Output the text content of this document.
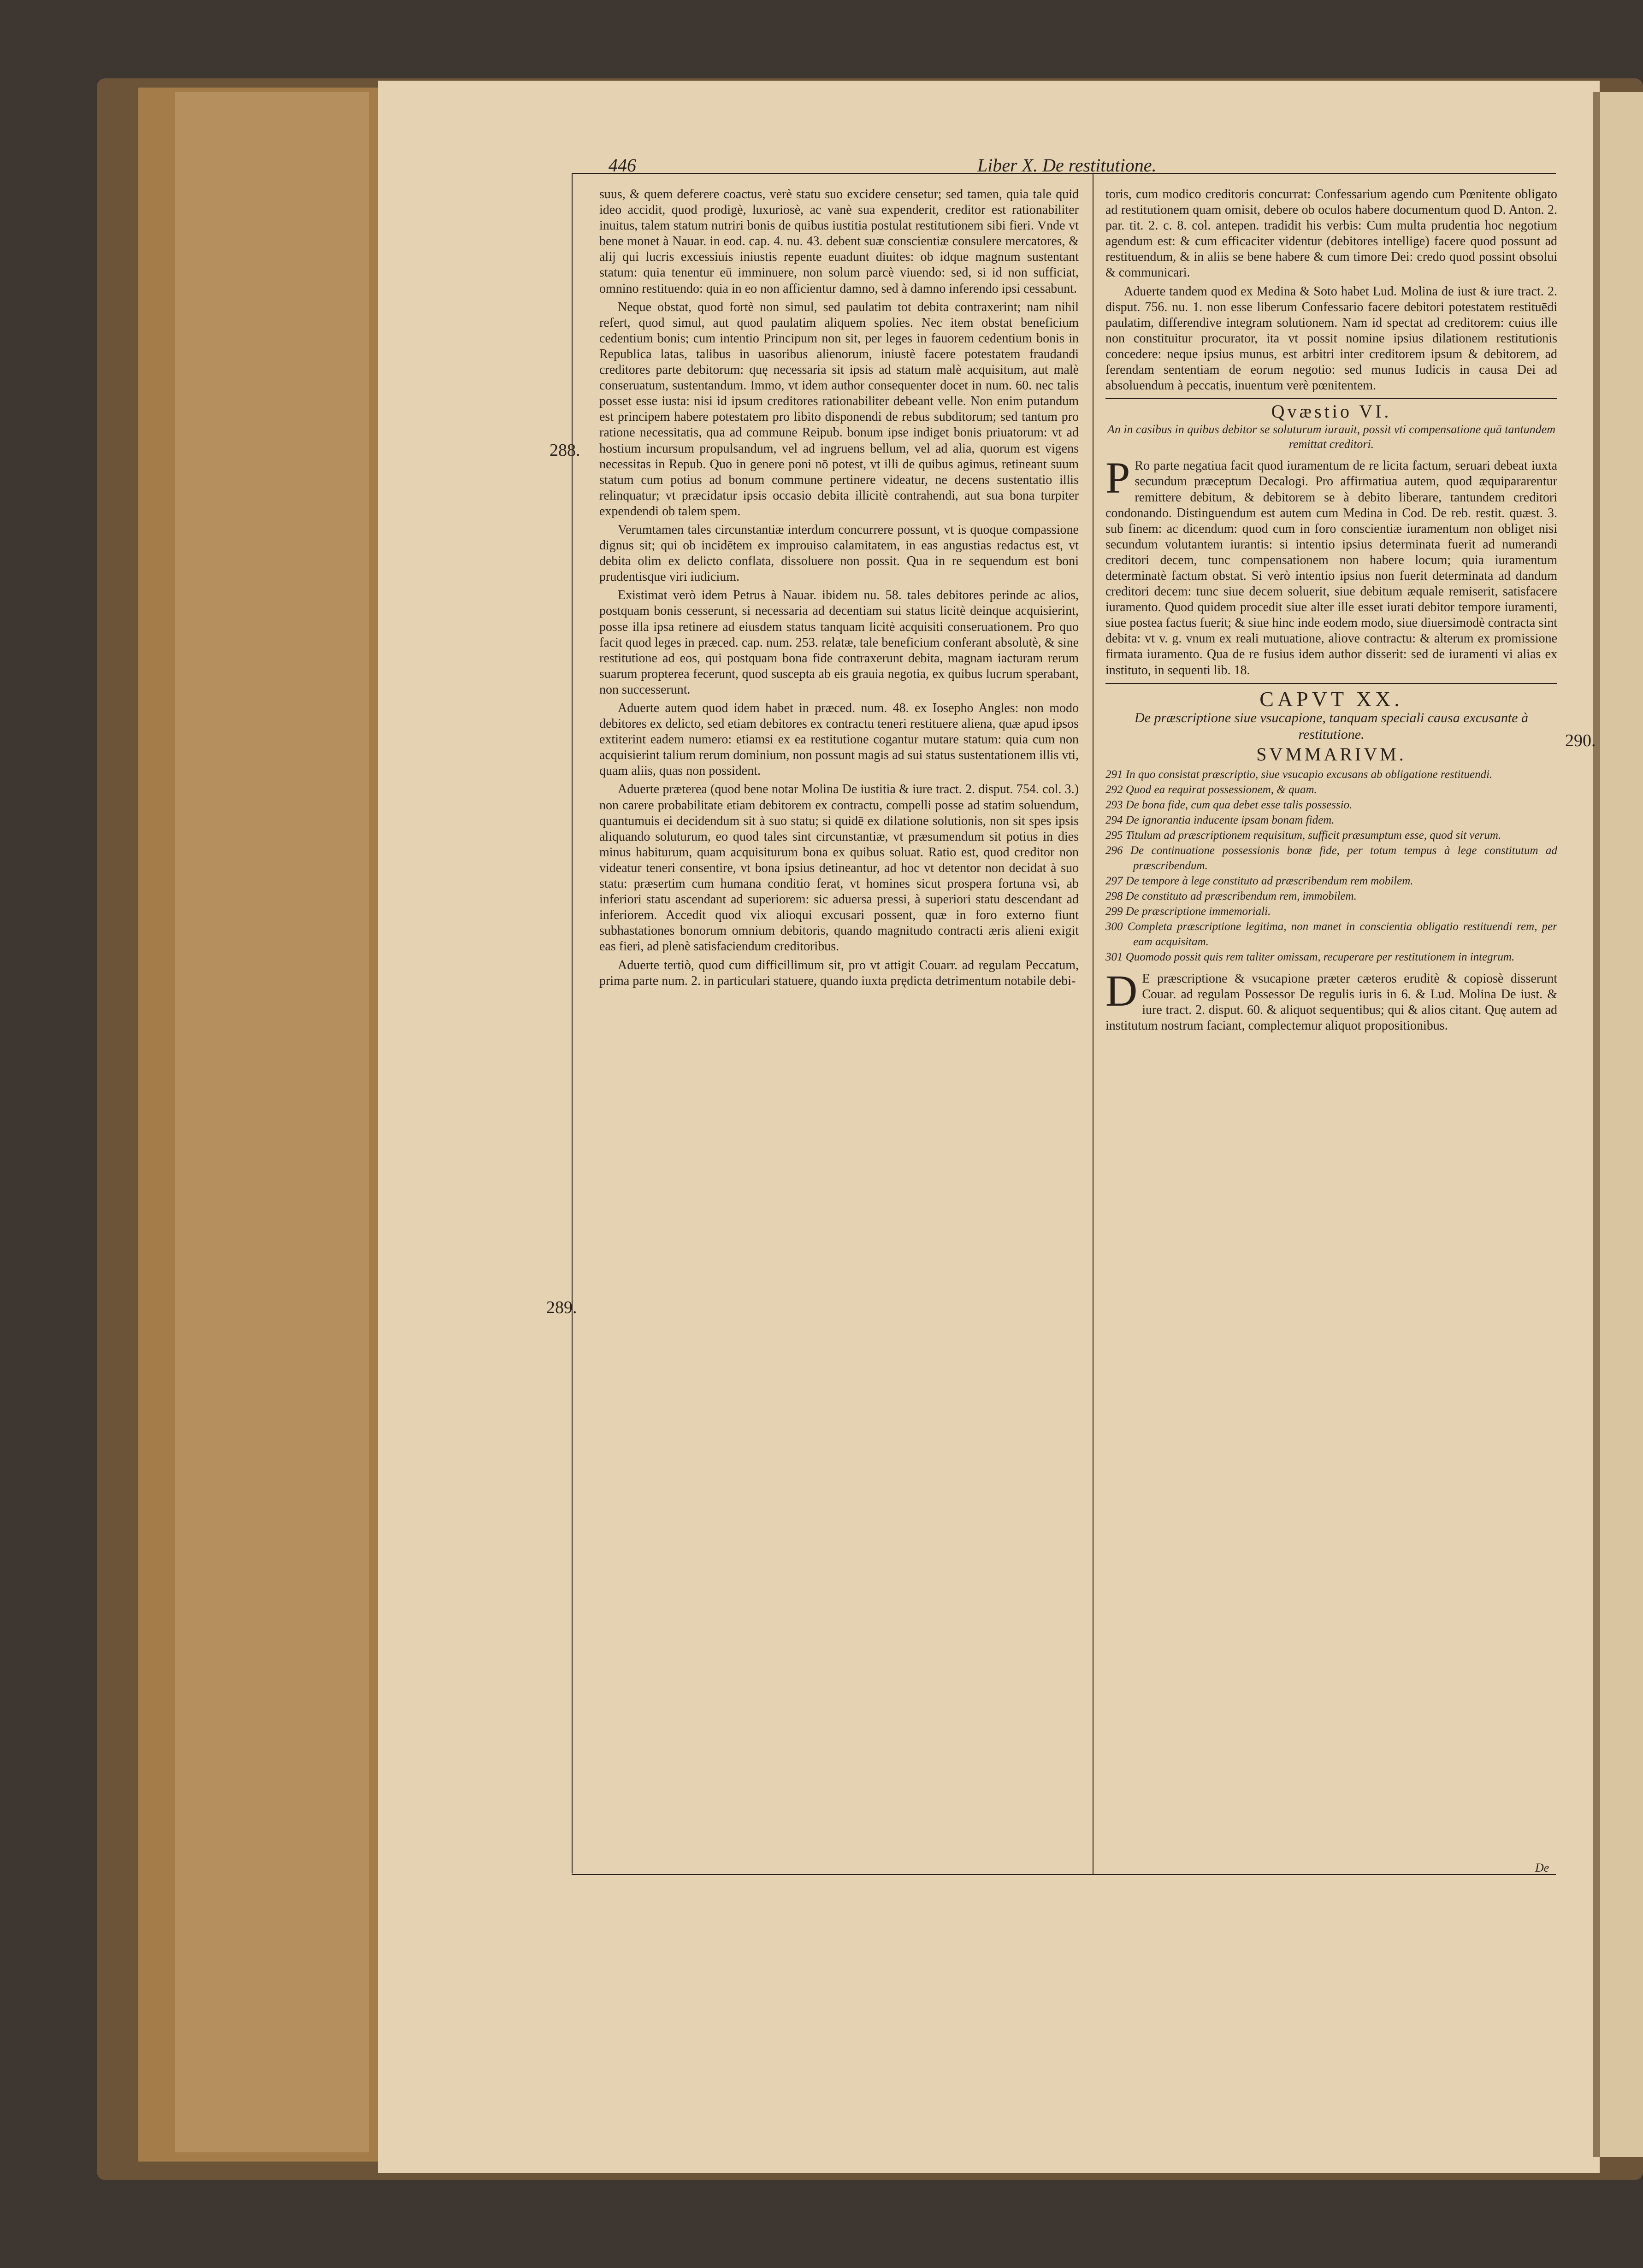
446	Liber X. De restitutione.
288.
289.
290.

suus, & quem deferere coactus, verè statu suo excidere censetur; sed tamen, quia tale quid ideo accidit, quod prodigè, luxuriosè, ac vanè sua expenderit, creditor est rationabiliter inuitus, talem statum nutriri bonis de quibus iustitia postulat restitutionem sibi fieri. Vnde vt bene monet à Nauar. in eod. cap. 4. nu. 43. debent suæ conscientiæ consulere mercatores, & alij qui lucris excessiuis iniustis repente euadunt diuites: ob idque magnum sustentant statum: quia tenentur eū imminuere, non solum parcè viuendo: sed, si id non sufficiat, omnino restituendo: quia in eo non afficientur damno, sed à damno inferendo ipsi cessabunt.

Neque obstat, quod fortè non simul, sed paulatim tot debita contraxerint; nam nihil refert, quod simul, aut quod paulatim aliquem spolies. Nec item obstat beneficium cedentium bonis; cum intentio Principum non sit, per leges in fauorem cedentium bonis in Republica latas, talibus in uasoribus alienorum, iniustè facere potestatem fraudandi creditores parte debitorum: quę necessaria sit ipsis ad statum malè acquisitum, aut malè conseruatum, sustentandum. Immo, vt idem author consequenter docet in num. 60. nec talis posset esse iusta: nisi id ipsum creditores rationabiliter debeant velle. Non enim putandum est principem habere potestatem pro libito disponendi de rebus subditorum; sed tantum pro ratione necessitatis, qua ad commune Reipub. bonum ipse indiget bonis priuatorum: vt ad hostium incursum propulsandum, vel ad ingruens bellum, vel ad alia, quorum est vigens necessitas in Repub. Quo in genere poni nō potest, vt illi de quibus agimus, retineant suum statum cum potius ad bonum commune pertinere videatur, ne decens sustentatio illis relinquatur; vt præcidatur ipsis occasio debita illicitè contrahendi, aut sua bona turpiter expendendi ob talem spem.

Verumtamen tales circunstantiæ interdum concurrere possunt, vt is quoque compassione dignus sit; qui ob incidētem ex improuiso calamitatem, in eas angustias redactus est, vt debita olim ex delicto conflata, dissoluere non possit. Qua in re sequendum est boni prudentisque viri iudicium.

Existimat verò idem Petrus à Nauar. ibidem nu. 58. tales debitores perinde ac alios, postquam bonis cesserunt, si necessaria ad decentiam sui status licitè deinque acquisierint, posse illa ipsa retinere ad eiusdem status tanquam licitè acquisiti conseruationem. Pro quo facit quod leges in præced. cap. num. 253. relatæ, tale beneficium conferant absolutè, & sine restitutione ad eos, qui postquam bona fide contraxerunt debita, magnam iacturam rerum suarum propterea fecerunt, quod suscepta ab eis grauia negotia, ex quibus lucrum sperabant, non successerunt.

Aduerte autem quod idem habet in præced. num. 48. ex Iosepho Angles: non modo debitores ex delicto, sed etiam debitores ex contractu teneri restituere aliena, quæ apud ipsos extiterint eadem numero: etiamsi ex ea restitutione cogantur mutare statum: quia cum non acquisierint talium rerum dominium, non possunt magis ad sui status sustentationem illis vti, quam aliis, quas non possident.

Aduerte præterea (quod bene notar Molina De iustitia & iure tract. 2. disput. 754. col. 3.) non carere probabilitate etiam debitorem ex contractu, compelli posse ad statim soluendum, quantumuis ei decidendum sit à suo statu; si quidē ex dilatione solutionis, non sit spes ipsis aliquando soluturum, eo quod tales sint circunstantiæ, vt præsumendum sit potius in dies minus habiturum, quam acquisiturum bona ex quibus soluat. Ratio est, quod creditor non videatur teneri consentire, vt bona ipsius detineantur, ad hoc vt detentor non decidat à suo statu: præsertim cum humana conditio ferat, vt homines sicut prospera fortuna vsi, ab inferiori statu ascendant ad superiorem: sic aduersa pressi, à superiori statu descendant ad inferiorem. Accedit quod vix alioqui excusari possent, quæ in foro externo fiunt subhastationes bonorum omnium debitoris, quando magnitudo contracti æris alieni exigit eas fieri, ad plenè satisfaciendum creditoribus.

Aduerte tertiò, quod cum difficillimum sit, pro vt attigit Couarr. ad regulam Peccatum, prima parte num. 2. in particulari statuere, quando iuxta prędicta detrimentum notabile debi-

toris, cum modico creditoris concurrat: Confessarium agendo cum Pœnitente obligato ad restitutionem quam omisit, debere ob oculos habere documentum quod D. Anton. 2. par. tit. 2. c. 8. col. antepen. tradidit his verbis: Cum multa prudentia hoc negotium agendum est: & cum efficaciter videntur (debitores intellige) facere quod possunt ad restituendum, & in aliis se bene habere & cum timore Dei: credo quod possint obsolui & communicari.

Aduerte tandem quod ex Medina & Soto habet Lud. Molina de iust & iure tract. 2. disput. 756. nu. 1. non esse liberum Confessario facere debitori potestatem restituēdi paulatim, differendive integram solutionem. Nam id spectat ad creditorem: cuius ille non constituitur procurator, ita vt possit nomine ipsius dilationem restitutionis concedere: neque ipsius munus, est arbitri inter creditorem ipsum & debitorem, ad ferendam sententiam de eorum negotio: sed munus Iudicis in causa Dei ad absoluendum à peccatis, inuentum verè pœnitentem.

Qvæstio VI.
An in casibus in quibus debitor se soluturum iurauit, possit vti compensatione quā tantundem remittat creditori.

P Ro parte negatiua facit quod iuramentum de re licita factum, seruari debeat iuxta secundum præceptum Decalogi. Pro affirmatiua autem, quod æquipararentur remittere debitum, & debitorem se à debito liberare, tantundem creditori condonando. Distinguendum est autem cum Medina in Cod. De reb. restit. quæst. 3. sub finem: ac dicendum: quod cum in foro conscientiæ iuramentum non obliget nisi secundum volutantem iurantis: si intentio ipsius determinata fuerit ad numerandi creditori decem, tunc compensationem non habere locum; quia iuramentum determinatè factum obstat. Si verò intentio ipsius non fuerit determinata ad dandum creditori decem: tunc siue decem soluerit, siue debitum æquale remiserit, satisfacere iuramento. Quod quidem procedit siue alter ille esset iurati debitor tempore iuramenti, siue postea factus fuerit; & siue hinc inde eodem modo, siue diuersimodè contracta sint debita: vt v. g. vnum ex reali mutuatione, aliove contractu: & alterum ex promissione firmata iuramento. Qua de re fusius idem author disserit: sed de iuramenti vi alias ex instituto, in sequenti lib. 18.

CAPVT XX.
De præscriptione siue vsucapione, tanquam speciali causa excusante à restitutione.
SVMMARIVM.
291 In quo consistat præscriptio, siue vsucapio excusans ab obligatione restituendi.
292 Quod ea requirat possessionem, & quam.
293 De bona fide, cum qua debet esse talis possessio.
294 De ignorantia inducente ipsam bonam fidem.
295 Titulum ad præscriptionem requisitum, sufficit præsumptum esse, quod sit verum.
296 De continuatione possessionis bonæ fide, per totum tempus à lege constitutum ad præscribendum.
297 De tempore à lege constituto ad præscribendum rem mobilem.
298 De constituto ad præscribendum rem, immobilem.
299 De præscriptione immemoriali.
300 Completa præscriptione legitima, non manet in conscientia obligatio restituendi rem, per eam acquisitam.
301 Quomodo possit quis rem taliter omissam, recuperare per restitutionem in integrum.

D E præscriptione & vsucapione præter cæteros eruditè & copiosè disserunt Couar. ad regulam Possessor De regulis iuris in 6. & Lud. Molina De iust. & iure tract. 2. disput. 60. & aliquot sequentibus; qui & alios citant. Quę autem ad institutum nostrum faciant, complectemur aliquot propositionibus.

De
